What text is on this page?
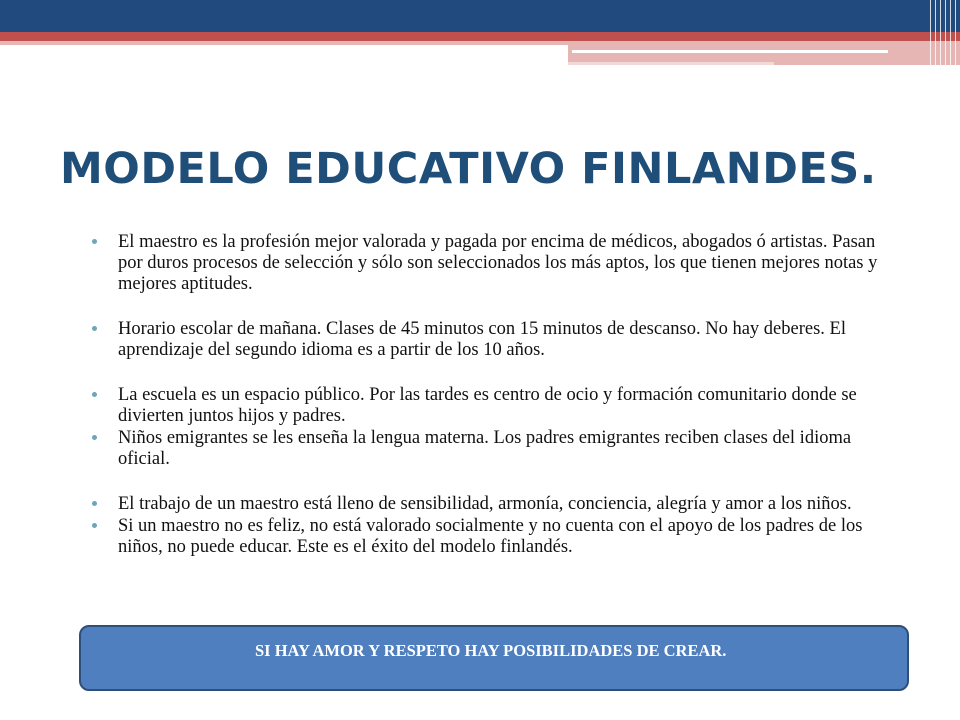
MODELO EDUCATIVO FINLANDES.
El maestro es la profesión mejor valorada y pagada por encima de médicos, abogados ó artistas. Pasan por duros procesos de selección y sólo son seleccionados los más aptos, los que tienen mejores notas y mejores aptitudes.
Horario escolar de mañana. Clases de 45 minutos con 15 minutos de descanso. No hay deberes. El aprendizaje del segundo idioma es a partir de los 10 años.
La escuela es un espacio público. Por las tardes es centro de ocio y formación comunitario donde se divierten juntos hijos y padres.
Niños emigrantes se les enseña la lengua materna. Los padres emigrantes reciben clases del idioma oficial.
El trabajo de un maestro está lleno de sensibilidad, armonía, conciencia, alegría y amor a los niños.
Si un maestro no es feliz, no está valorado socialmente y no cuenta con el apoyo de los padres de los niños, no puede educar. Este es el éxito del modelo finlandés.
SI HAY AMOR Y RESPETO HAY POSIBILIDADES DE CREAR.
